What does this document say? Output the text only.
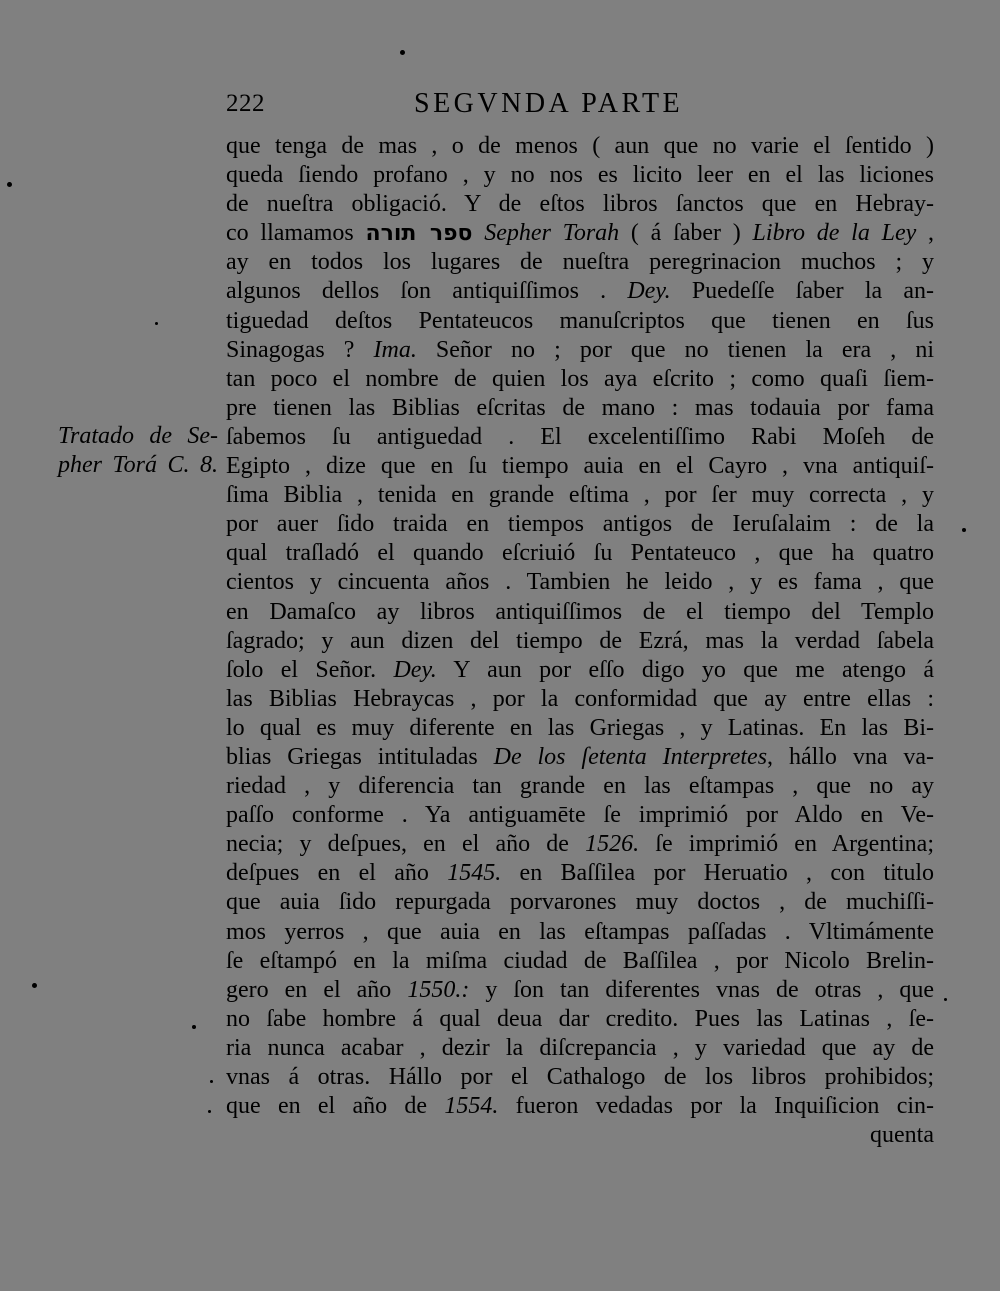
222	SEGVNDA PARTE
Tratado de Se-
pher Torá C. 8.
que tenga de mas , o de menos ( aun que no varie el ſentido )
queda ſiendo profano , y no nos es licito leer en el las liciones
de nueſtra obligació. Y de eſtos libros ſanctos que en Hebray-
co llamamos ספר תורה Sepher Torah ( á ſaber ) Libro de la Ley ,
ay en todos los lugares de nueſtra peregrinacion muchos ; y
algunos dellos ſon antiquiſſimos . Dey. Puedeſſe ſaber la an-
tiguedad deſtos Pentateucos manuſcriptos que tienen en ſus
Sinagogas ? Ima. Señor no ; por que no tienen la era , ni
tan poco el nombre de quien los aya eſcrito ; como quaſi ſiem-
pre tienen las Biblias eſcritas de mano : mas todauia por fama
ſabemos ſu antiguedad . El excelentiſſimo Rabi Moſeh de
Egipto , dize que en ſu tiempo auia en el Cayro , vna antiquiſ-
ſima Biblia , tenida en grande eſtima , por ſer muy correcta , y
por auer ſido traida en tiempos antigos de Ieruſalaim : de la
qual traſladó el quando eſcriuió ſu Pentateuco , que ha quatro
cientos y cincuenta años . Tambien he leido , y es fama , que
en Damaſco ay libros antiquiſſimos de el tiempo del Templo
ſagrado; y aun dizen del tiempo de Ezrá, mas la verdad ſabela
ſolo el Señor. Dey. Y aun por eſſo digo yo que me atengo á
las Biblias Hebraycas , por la conformidad que ay entre ellas :
lo qual es muy diferente en las Griegas , y Latinas. En las Bi-
blias Griegas intituladas De los ſetenta Interpretes, hállo vna va-
riedad , y diferencia tan grande en las eſtampas , que no ay
paſſo conforme . Ya antiguamēte ſe imprimió por Aldo en Ve-
necia; y deſpues, en el año de 1526. ſe imprimió en Argentina;
deſpues en el año 1545. en Baſſilea por Heruatio , con titulo
que auia ſido repurgada porvarones muy doctos , de muchiſſi-
mos yerros , que auia en las eſtampas paſſadas . Vltimámente
ſe eſtampó en la miſma ciudad de Baſſilea , por Nicolo Brelin-
gero en el año 1550.: y ſon tan diferentes vnas de otras , que
no ſabe hombre á qual deua dar credito. Pues las Latinas , ſe-
ria nunca acabar , dezir la diſcrepancia , y variedad que ay de
vnas á otras. Hállo por el Cathalogo de los libros prohibidos;
que en el año de 1554. fueron vedadas por la Inquiſicion cin-
quenta
